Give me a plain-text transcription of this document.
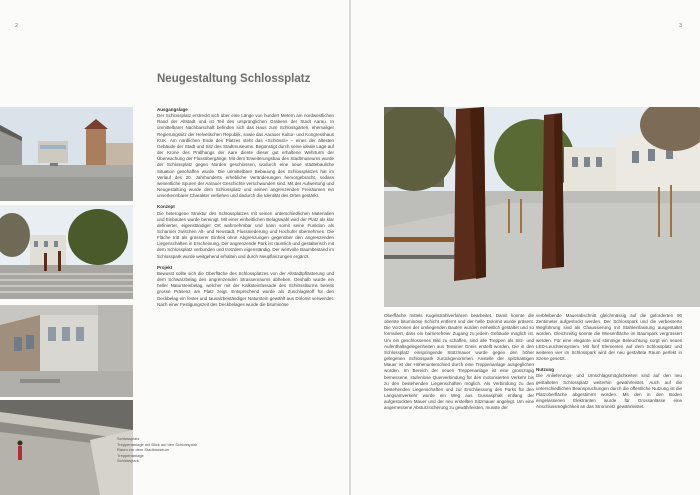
2
Neugestaltung Schlossplatz
Ausgangslage

Der Schlossplatz erstreckt sich über eine Länge von hundert Metern am nordwestlichen Rand der Altstadt und ist Teil des ursprünglichen Grabens der Stadt Aarau. In unmittelbarer Nachbarschaft befinden sich das Haus zum Schlossgarten, ehemaliger Regierungssitz der Helvetischen Republik, sowie das Aarauer Kultur- und Kongresshaus KUK. Am nördlichen Ende des Platzes steht das «Schlössli» – eines der ältesten Gebäude der Stadt und Sitz des Stadtmuseums. Begünstigt durch seine ideale Lage auf der Krone des Prallhangs der Aare diente dieser gut erhaltene Wehrturm der Überwachung der Flussübergänge. Mit dem Erweiterungsbau des Stadtmuseums wurde der Schlossplatz gegen Norden geschlossen, wodurch eine neue städtebauliche Situation geschaffen wurde. Die unmittelbare Bebauung des Schlossplatzes hat im Verlauf des 20. Jahrhunderts erhebliche Veränderungen hervorgebracht, sodass wesentliche Spuren der Aarauer Geschichte verschwunden sind. Mit der Aufwertung und Neugestaltung wurde dem Schlossplatz und seinen angrenzenden Freiräumen ein unverkennbarer Charakter verliehen und dadurch die Identität des Ortes gestärkt.

Konzept

Die heterogene Struktur des Schlossplatzes mit seinen unterschiedlichen Materialien und Einbauten wurde bereinigt. Mit einer einheitlichen Belagswahl wird der Platz als klar definierter, eigenständiger Ort wahrnehmbar und kann somit seine Funktion als Scharnier zwischen Alt- und Neustadt, Flussniederung und Hochufer übernehmen. Die Fläche tritt als grösserer Einheit ohne Abgrenzungen gegenüber den angrenzenden Liegenschaften in Erscheinung. Der angrenzende Park ist räumlich und gestalterisch mit dem Schlossplatz verbunden und trotzdem eigenständig. Der wertvolle Baumbestand im Schlosspark wurde weitgehend erhalten und durch Neupflanzungen ergänzt.

Projekt

Bewusst sollte sich die Oberfläche des Schlossplatzes von der Altstadtpflästerung und dem Schwarzbelag des angrenzenden Strassenraums abheben. Deshalb wurde ein heller Natursteinbelag, welcher mit der Kalksteinfassade des Schlössliturms bereits grosse Präsenz am Platz zeigt. Entsprechend wurde als Zuschlagstoff für den Deckbelag ein fester und tausalzbeständiger Naturstein gewählt aus Dolomit verwendet. Nach einer Festigungszeit des Deckbelages wurde die bituminöse

Schlossplatz
Treppenanlage mit Blick auf den Schlosspark
Raum vor dem Stadtmuseum
Treppenanlage
Schlosspark
3

Oberfläche mittels Kugelstrahlverfahren bearbeitet. Damit konnte die oberste bituminöse Schicht entfernt und der helle Dolomit wurde präsent. Die Vorzonen der umliegenden Bauten wurden einheitlich gestaltet und so formuliert, dass ein barrierefreier Zugang zu jedem Gebäude möglich ist. Um ein geschlossenes Bild zu schaffen, sind alle Treppen als Sitz- und Aufenthaltsgelegenheiten aus Tessiner Gneis erstellt worden. Die in den Schlossplatz einspringende Stützmauer wurde gegen den höher gelegenen Schlosspark zurückgenommen. Anstelle der spitzkantigen Mauer ist der Höhenunterschied durch eine Treppenanlage ausgeglichen worden. Im Bereich der neuen Treppenanlage ist eine grosszügig bemessene, stufenlose Querverbindung für den motorisierten Verkehr bis zu den bestehenden Liegenschaften möglich. Als Verbindung zu den bestehenden Liegenschaften und zur Erschliessung des Parks für den Langsamverkehr wurde ein Weg aus Gussasphalt entlang der aufgestockten Mauer und der neu erstellten Sitzmauer angelegt. Um eine angemessene Absturzsicherung zu gewährleisten, musste der

verbleibende Mauerabschnitt gleichmässig auf die geforderten 90 Zentimeter aufgestockt werden. Der Schlosspark und die verbesserte Wegführung sind als Chaussierung mit Stahleinfassung ausgestaltet worden. Gleichzeitig konnte die Wiesenfläche im Baumpark vergrössert werden. Für eine elegante und stimmige Beleuchtung sorgt ein neues LED-Leuchtensystem. Mit fünf Elementen auf dem Schlossplatz und weiteren vier im Schlosspark wird der neu gestaltete Raum perfekt in Szene gesetzt.

Nutzung

Die Anlieferungs- und Umschlagsmöglichkeiten sind auf den neu gestalteten Schlossplatz weiterhin gewährleistet. Auch auf die unterschiedlichen Beanspruchungen durch die öffentliche Nutzung ist die Platzoberfläche abgestimmt worden. Mit den in den Boden eingelassenen Elektranten wurde für Grossanlässe eine Anschlussmöglichkeit an das Stromnetz gewährleistet.
